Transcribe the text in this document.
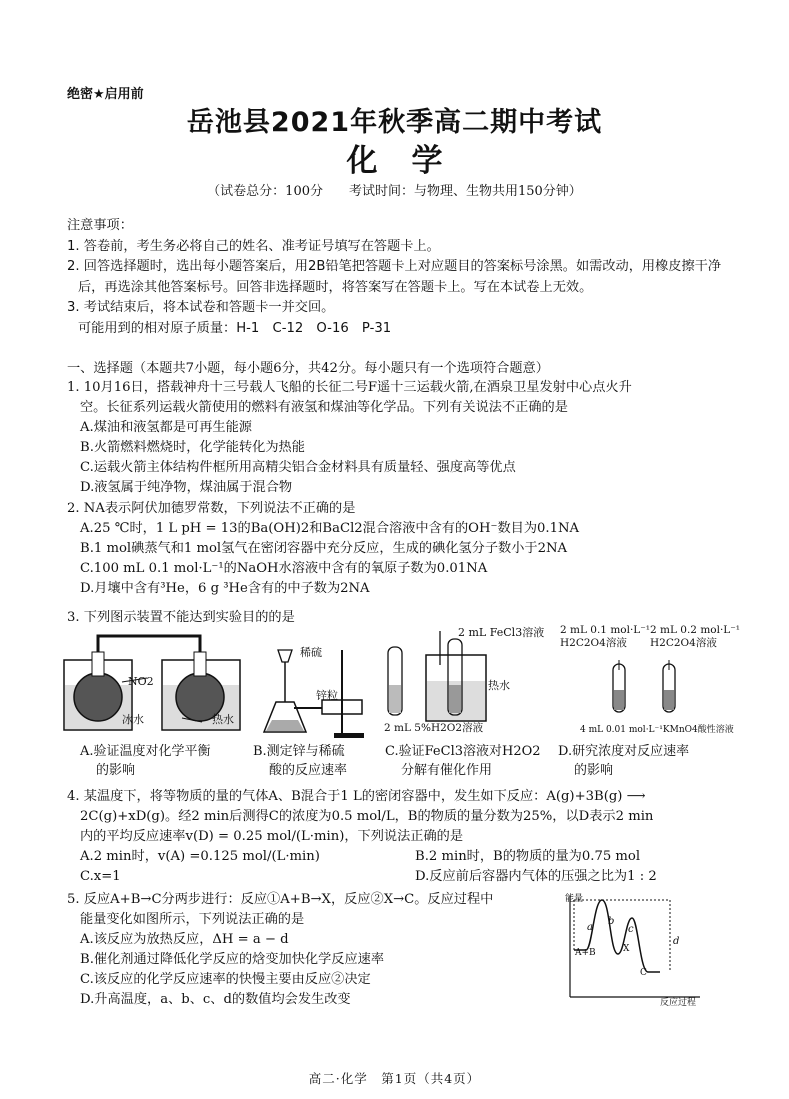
绝密★启用前
岳池县2021年秋季高二期中考试
化学
（试卷总分：100分　　考试时间：与物理、生物共用150分钟）
注意事项：
1. 答卷前，考生务必将自己的姓名、准考证号填写在答题卡上。
2. 回答选择题时，选出每小题答案后，用2B铅笔把答题卡上对应题目的答案标号涂黑。如需改动，用橡皮擦干净后，再选涂其他答案标号。回答非选择题时，将答案写在答题卡上。写在本试卷上无效。
3. 考试结束后，将本试卷和答题卡一并交回。
可能用到的相对原子质量：H-1　C-12　O-16　P-31
一、选择题（本题共7小题，每小题6分，共42分。每小题只有一个选项符合题意）
1. 10月16日，搭载神舟十三号载人飞船的长征二号F遥十三运载火箭,在酒泉卫星发射中心点火升
空。长征系列运载火箭使用的燃料有液氢和煤油等化学品。下列有关说法不正确的是
A.煤油和液氢都是可再生能源
B.火箭燃料燃烧时，化学能转化为热能
C.运载火箭主体结构件框所用高精尖铝合金材料具有质量轻、强度高等优点
D.液氢属于纯净物，煤油属于混合物
2. NA表示阿伏加德罗常数，下列说法不正确的是
A.25 ℃时，1 L pH = 13的Ba(OH)2和BaCl2混合溶液中含有的OH⁻数目为0.1NA
B.1 mol碘蒸气和1 mol氢气在密闭容器中充分反应，生成的碘化氢分子数小于2NA
C.100 mL 0.1 mol·L⁻¹的NaOH水溶液中含有的氧原子数为0.01NA
D.月壤中含有³He，6 g ³He含有的中子数为2NA
3. 下列图示装置不能达到实验目的的是
NO2
冰水	热水
稀硫
锌粒
2 mL FeCl3溶液
热水
2 mL 5%H2O2溶液
2 mL 0.1 mol·L⁻¹
H2C2O4溶液
2 mL 0.2 mol·L⁻¹
H2C2O4溶液
4 mL 0.01 mol·L⁻¹KMnO4酸性溶液
A.验证温度对化学平衡
的影响
B.测定锌与稀硫
酸的反应速率
C.验证FeCl3溶液对H2O2
分解有催化作用
D.研究浓度对反应速率
的影响
4. 某温度下，将等物质的量的气体A、B混合于1 L的密闭容器中，发生如下反应：A(g)+3B(g) ⟶
2C(g)+xD(g)。经2 min后测得C的浓度为0.5 mol/L，B的物质的量分数为25%，以D表示2 min
内的平均反应速率v(D) = 0.25 mol/(L·min)，下列说法正确的是
A.2 min时，v(A) =0.125 mol/(L·min)	B.2 min时，B的物质的量为0.75 mol
C.x=1	D.反应前后容器内气体的压强之比为1 : 2
5. 反应A+B→C分两步进行：反应①A+B→X，反应②X→C。反应过程中
能量变化如图所示，下列说法正确的是
A.该反应为放热反应，ΔH = a − d
B.催化剂通过降低化学反应的焓变加快化学反应速率
C.该反应的化学反应速率的快慢主要由反应②决定
D.升高温度，a、b、c、d的数值均会发生改变
能量
A+B	X
C
a
b
c
d
反应过程
高二·化学　第1页（共4页）
